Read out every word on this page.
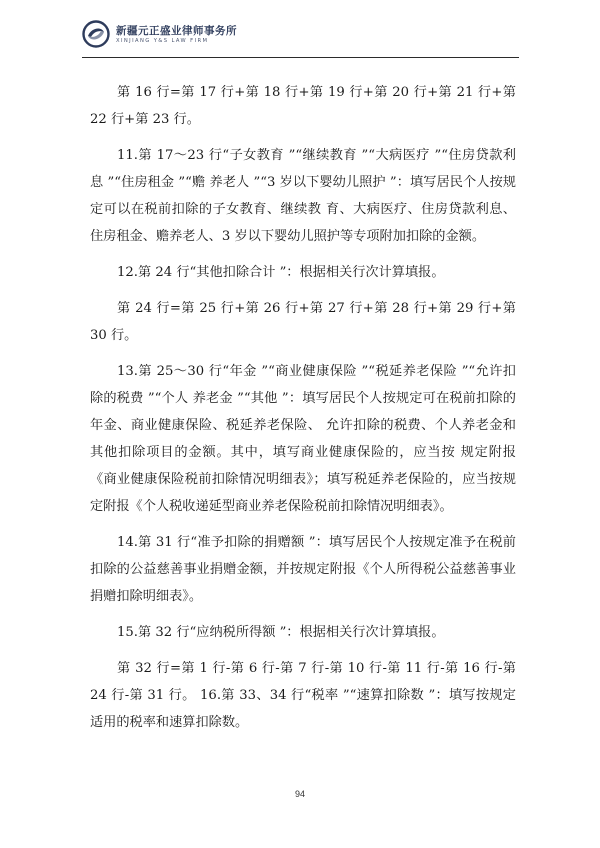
新疆元正盛业律师事务所
XINJIANG Y&S LAW FIRM

第 16 行=第 17 行+第 18 行+第 19 行+第 20 行+第 21 行+第 22 行+第 23 行。

11.第 17～23 行“子女教育 ”“继续教育 ”“大病医疗 ”“住房贷款利息 ”“住房租金 ”“赡 养老人 ”“3 岁以下婴幼儿照护 ”：填写居民个人按规定可以在税前扣除的子女教育、继续教 育、大病医疗、住房贷款利息、住房租金、赡养老人、3 岁以下婴幼儿照护等专项附加扣除的金额。

12.第 24 行“其他扣除合计 ”：根据相关行次计算填报。

第 24 行=第 25 行+第 26 行+第 27 行+第 28 行+第 29 行+第 30 行。

13.第 25～30 行“年金 ”“商业健康保险 ”“税延养老保险 ”“允许扣除的税费 ”“个人 养老金 ”“其他 ”：填写居民个人按规定可在税前扣除的年金、商业健康保险、税延养老保险、 允许扣除的税费、个人养老金和其他扣除项目的金额。其中，填写商业健康保险的，应当按 规定附报《商业健康保险税前扣除情况明细表》；填写税延养老保险的，应当按规定附报《个人税收递延型商业养老保险税前扣除情况明细表》。

14.第 31 行“准予扣除的捐赠额 ”：填写居民个人按规定准予在税前扣除的公益慈善事业捐赠金额，并按规定附报《个人所得税公益慈善事业捐赠扣除明细表》。

15.第 32 行“应纳税所得额 ”：根据相关行次计算填报。

第 32 行=第 1 行-第 6 行-第 7 行-第 10 行-第 11 行-第 16 行-第 24 行-第 31 行。 16.第 33、34 行“税率 ”“速算扣除数 ”：填写按规定适用的税率和速算扣除数。

94
